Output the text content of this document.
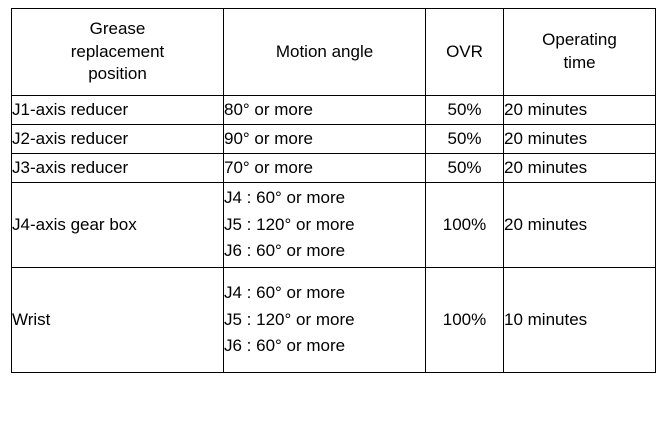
Grease
replacement
position	Motion angle	OVR	Operating
time

J1-axis reducer	80° or more	50%	20 minutes
J2-axis reducer	90° or more	50%	20 minutes
J3-axis reducer	70° or more	50%	20 minutes
J4-axis gear box	J4 : 60° or more
J5 : 120° or more
J6 : 60° or more	100%	20 minutes
Wrist	J4 : 60° or more
J5 : 120° or more
J6 : 60° or more	100%	10 minutes
